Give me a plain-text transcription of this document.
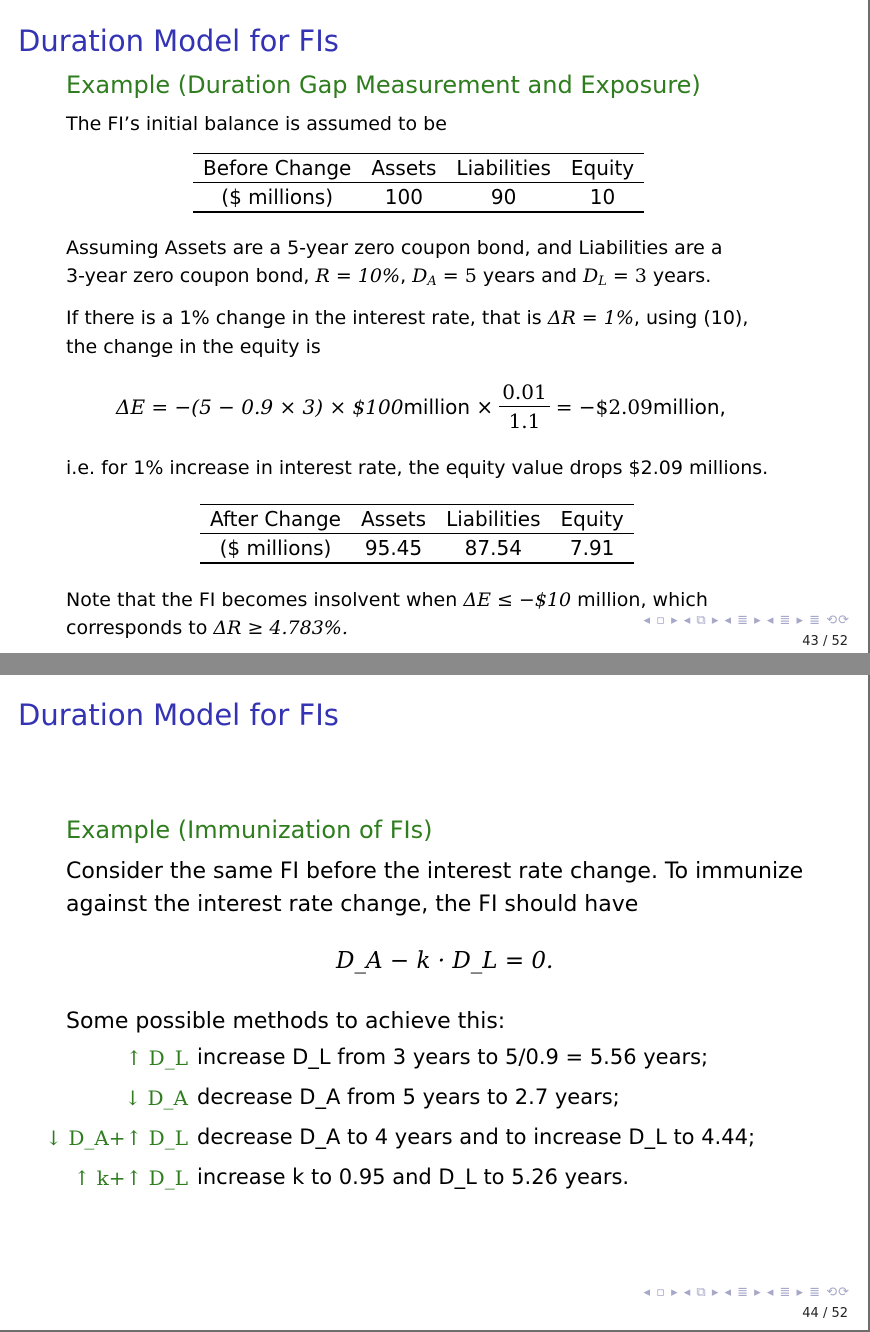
Duration Model for FIs
Example (Duration Gap Measurement and Exposure)
The FI’s initial balance is assumed to be
Before Change	Assets	Liabilities	Equity
($ millions)	100	90	10
Assuming Assets are a 5-year zero coupon bond, and Liabilities are a
3-year zero coupon bond, R = 10%, $D_A = 5$ years and $D_L = 3$ years.
If there is a 1% change in the interest rate, that is ΔR = 1%, using (10),
the change in the equity is
ΔE = −(5 − 0.9 × 3) × $100 million × $\frac{0.01}{1.1}$ = −$2.09 million,
i.e. for 1% increase in interest rate, the equity value drops $2.09 millions.
After Change	Assets	Liabilities	Equity
($ millions)	95.45	87.54	7.91
Note that the FI becomes insolvent when ΔE ≤ −$10 million, which
corresponds to ΔR ≥ 4.783%.	◂ ▫ ▸ ◂ ⧉ ▸ ◂ ≣ ▸ ◂ ≣ ▸ ≣ ⟲⟳
43 / 52
Duration Model for FIs
Example (Immunization of FIs)
Consider the same FI before the interest rate change. To immunize
against the interest rate change, the FI should have
D_A − k · D_L = 0.
Some possible methods to achieve this:
↑ D_L increase D_L from 3 years to 5/0.9 = 5.56 years;
↓ D_A decrease D_A from 5 years to 2.7 years;
↓ D_A+↑ D_L decrease D_A to 4 years and to increase D_L to 4.44;
↑ k+↑ D_L increase k to 0.95 and D_L to 5.26 years.
◂ ▫ ▸ ◂ ⧉ ▸ ◂ ≣ ▸ ◂ ≣ ▸ ≣ ⟲⟳
44 / 52
